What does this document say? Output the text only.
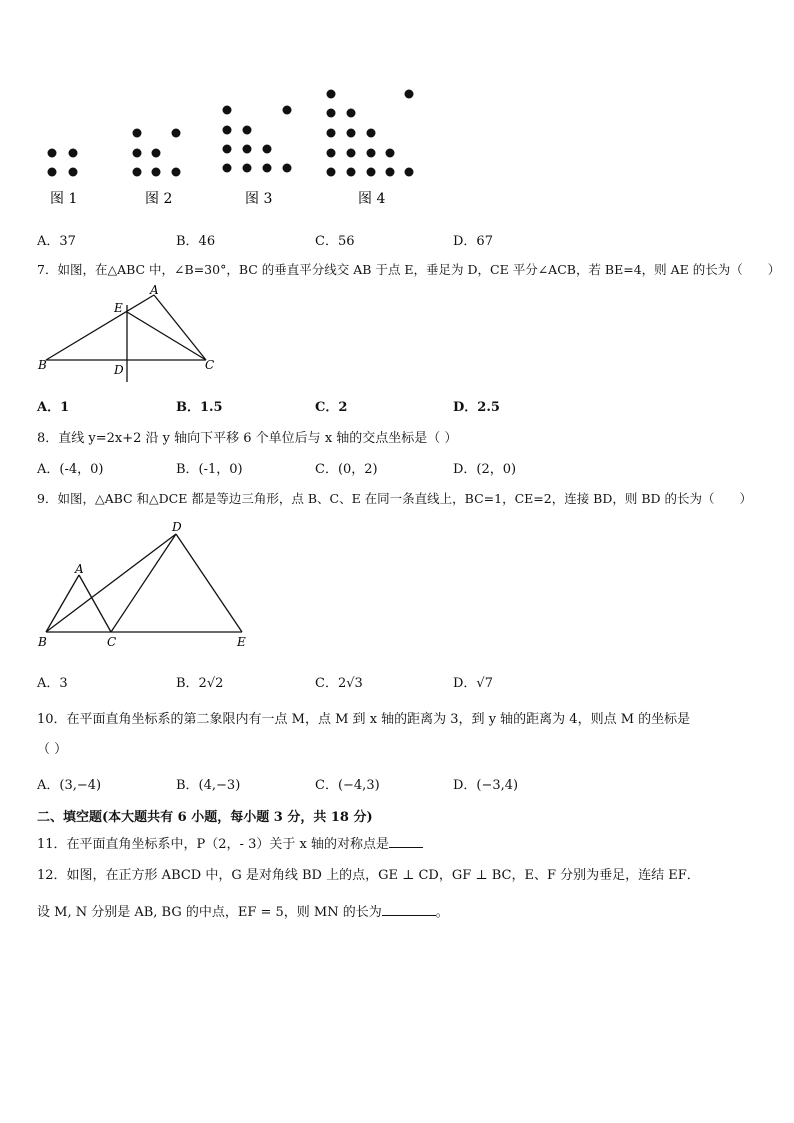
图 1	图 2	图 3	图 4
A．37	B．46	C．56	D．67
7．如图，在△ABC 中，∠B=30°，BC 的垂直平分线交 AB 于点 E，垂足为 D，CE 平分∠ACB，若 BE=4，则 AE 的长为（　　）
A
B	C
D
E
A．1	B．1.5	C．2	D．2.5
8．直线 y=2x+2 沿 y 轴向下平移 6 个单位后与 x 轴的交点坐标是（ ）
A．(-4，0)	B．(-1，0)	C．(0，2)	D．(2，0)
9．如图，△ABC 和△DCE 都是等边三角形，点 B、C、E 在同一条直线上，BC=1，CE=2，连接 BD，则 BD 的长为（　　）
A
B	C
D
E
A．3	B．2√2	C．2√3	D．√7
10．在平面直角坐标系的第二象限内有一点 M，点 M 到 x 轴的距离为 3，到 y 轴的距离为 4，则点 M 的坐标是
（ ）
A．(3,−4)	B．(4,−3)	C．(−4,3)	D．(−3,4)
二、填空题(本大题共有 6 小题，每小题 3 分，共 18 分)
11．在平面直角坐标系中，P（2，- 3）关于 x 轴的对称点是
12．如图，在正方形 ABCD 中，G 是对角线 BD 上的点，GE ⊥ CD，GF ⊥ BC，E、F 分别为垂足，连结 EF．
设 M, N 分别是 AB, BG 的中点，EF = 5，则 MN 的长为	。
